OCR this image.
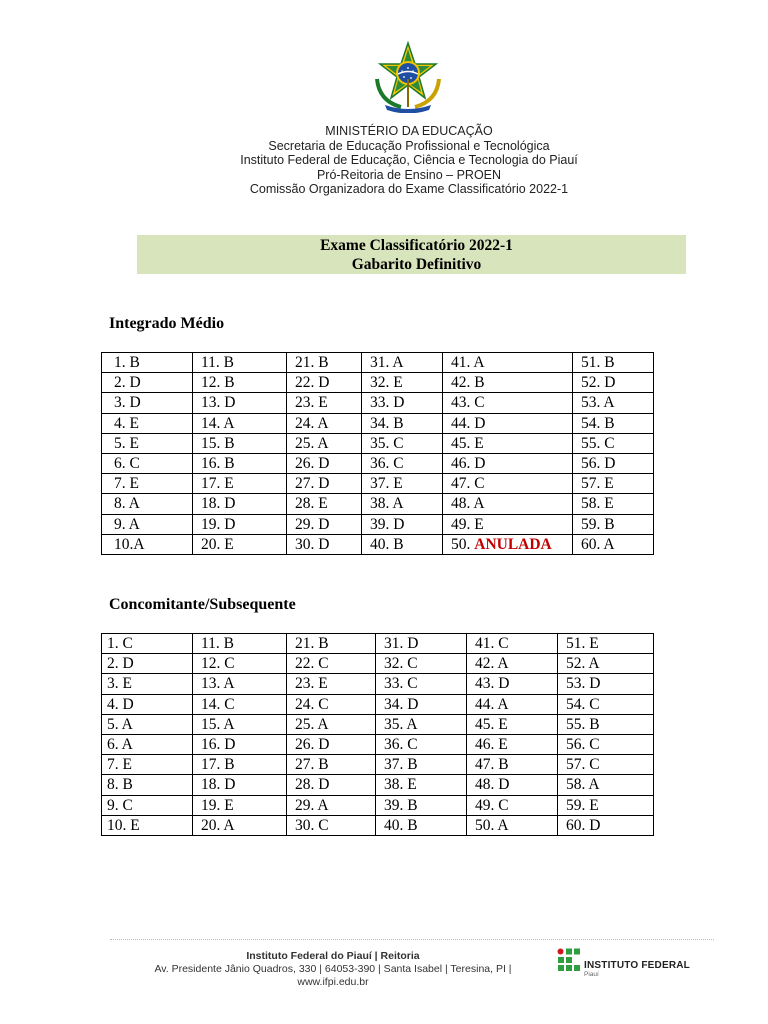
MINISTÉRIO DA EDUCAÇÃO
Secretaria de Educação Profissional e Tecnológica
Instituto Federal de Educação, Ciência e Tecnologia do Piauí
Pró-Reitoria de Ensino – PROEN
Comissão Organizadora do Exame Classificatório 2022-1
Exame Classificatório 2022-1
Gabarito Definitivo
Integrado Médio
1. B	11. B	21. B	31. A	41. A	51. B
2. D	12. B	22. D	32. E	42. B	52. D
3. D	13. D	23. E	33. D	43. C	53. A
4. E	14. A	24. A	34. B	44. D	54. B
5. E	15. B	25. A	35. C	45. E	55. C
6. C	16. B	26. D	36. C	46. D	56. D
7. E	17. E	27. D	37. E	47. C	57. E
8. A	18. D	28. E	38. A	48. A	58. E
9. A	19. D	29. D	39. D	49. E	59. B
10.A	20. E	30. D	40. B	50. ANULADA	60. A
Concomitante/Subsequente
1. C	11. B	21. B	31. D	41. C	51. E
2. D	12. C	22. C	32. C	42. A	52. A
3. E	13. A	23. E	33. C	43. D	53. D
4. D	14. C	24. C	34. D	44. A	54. C
5. A	15. A	25. A	35. A	45. E	55. B
6. A	16. D	26. D	36. C	46. E	56. C
7. E	17. B	27. B	37. B	47. B	57. C
8. B	18. D	28. D	38. E	48. D	58. A
9. C	19. E	29. A	39. B	49. C	59. E
10. E	20. A	30. C	40. B	50. A	60. D
Instituto Federal do Piauí | Reitoria
Av. Presidente Jânio Quadros, 330 | 64053-390 | Santa Isabel | Teresina, PI | www.ifpi.edu.br
INSTITUTO FEDERAL
Piauí
